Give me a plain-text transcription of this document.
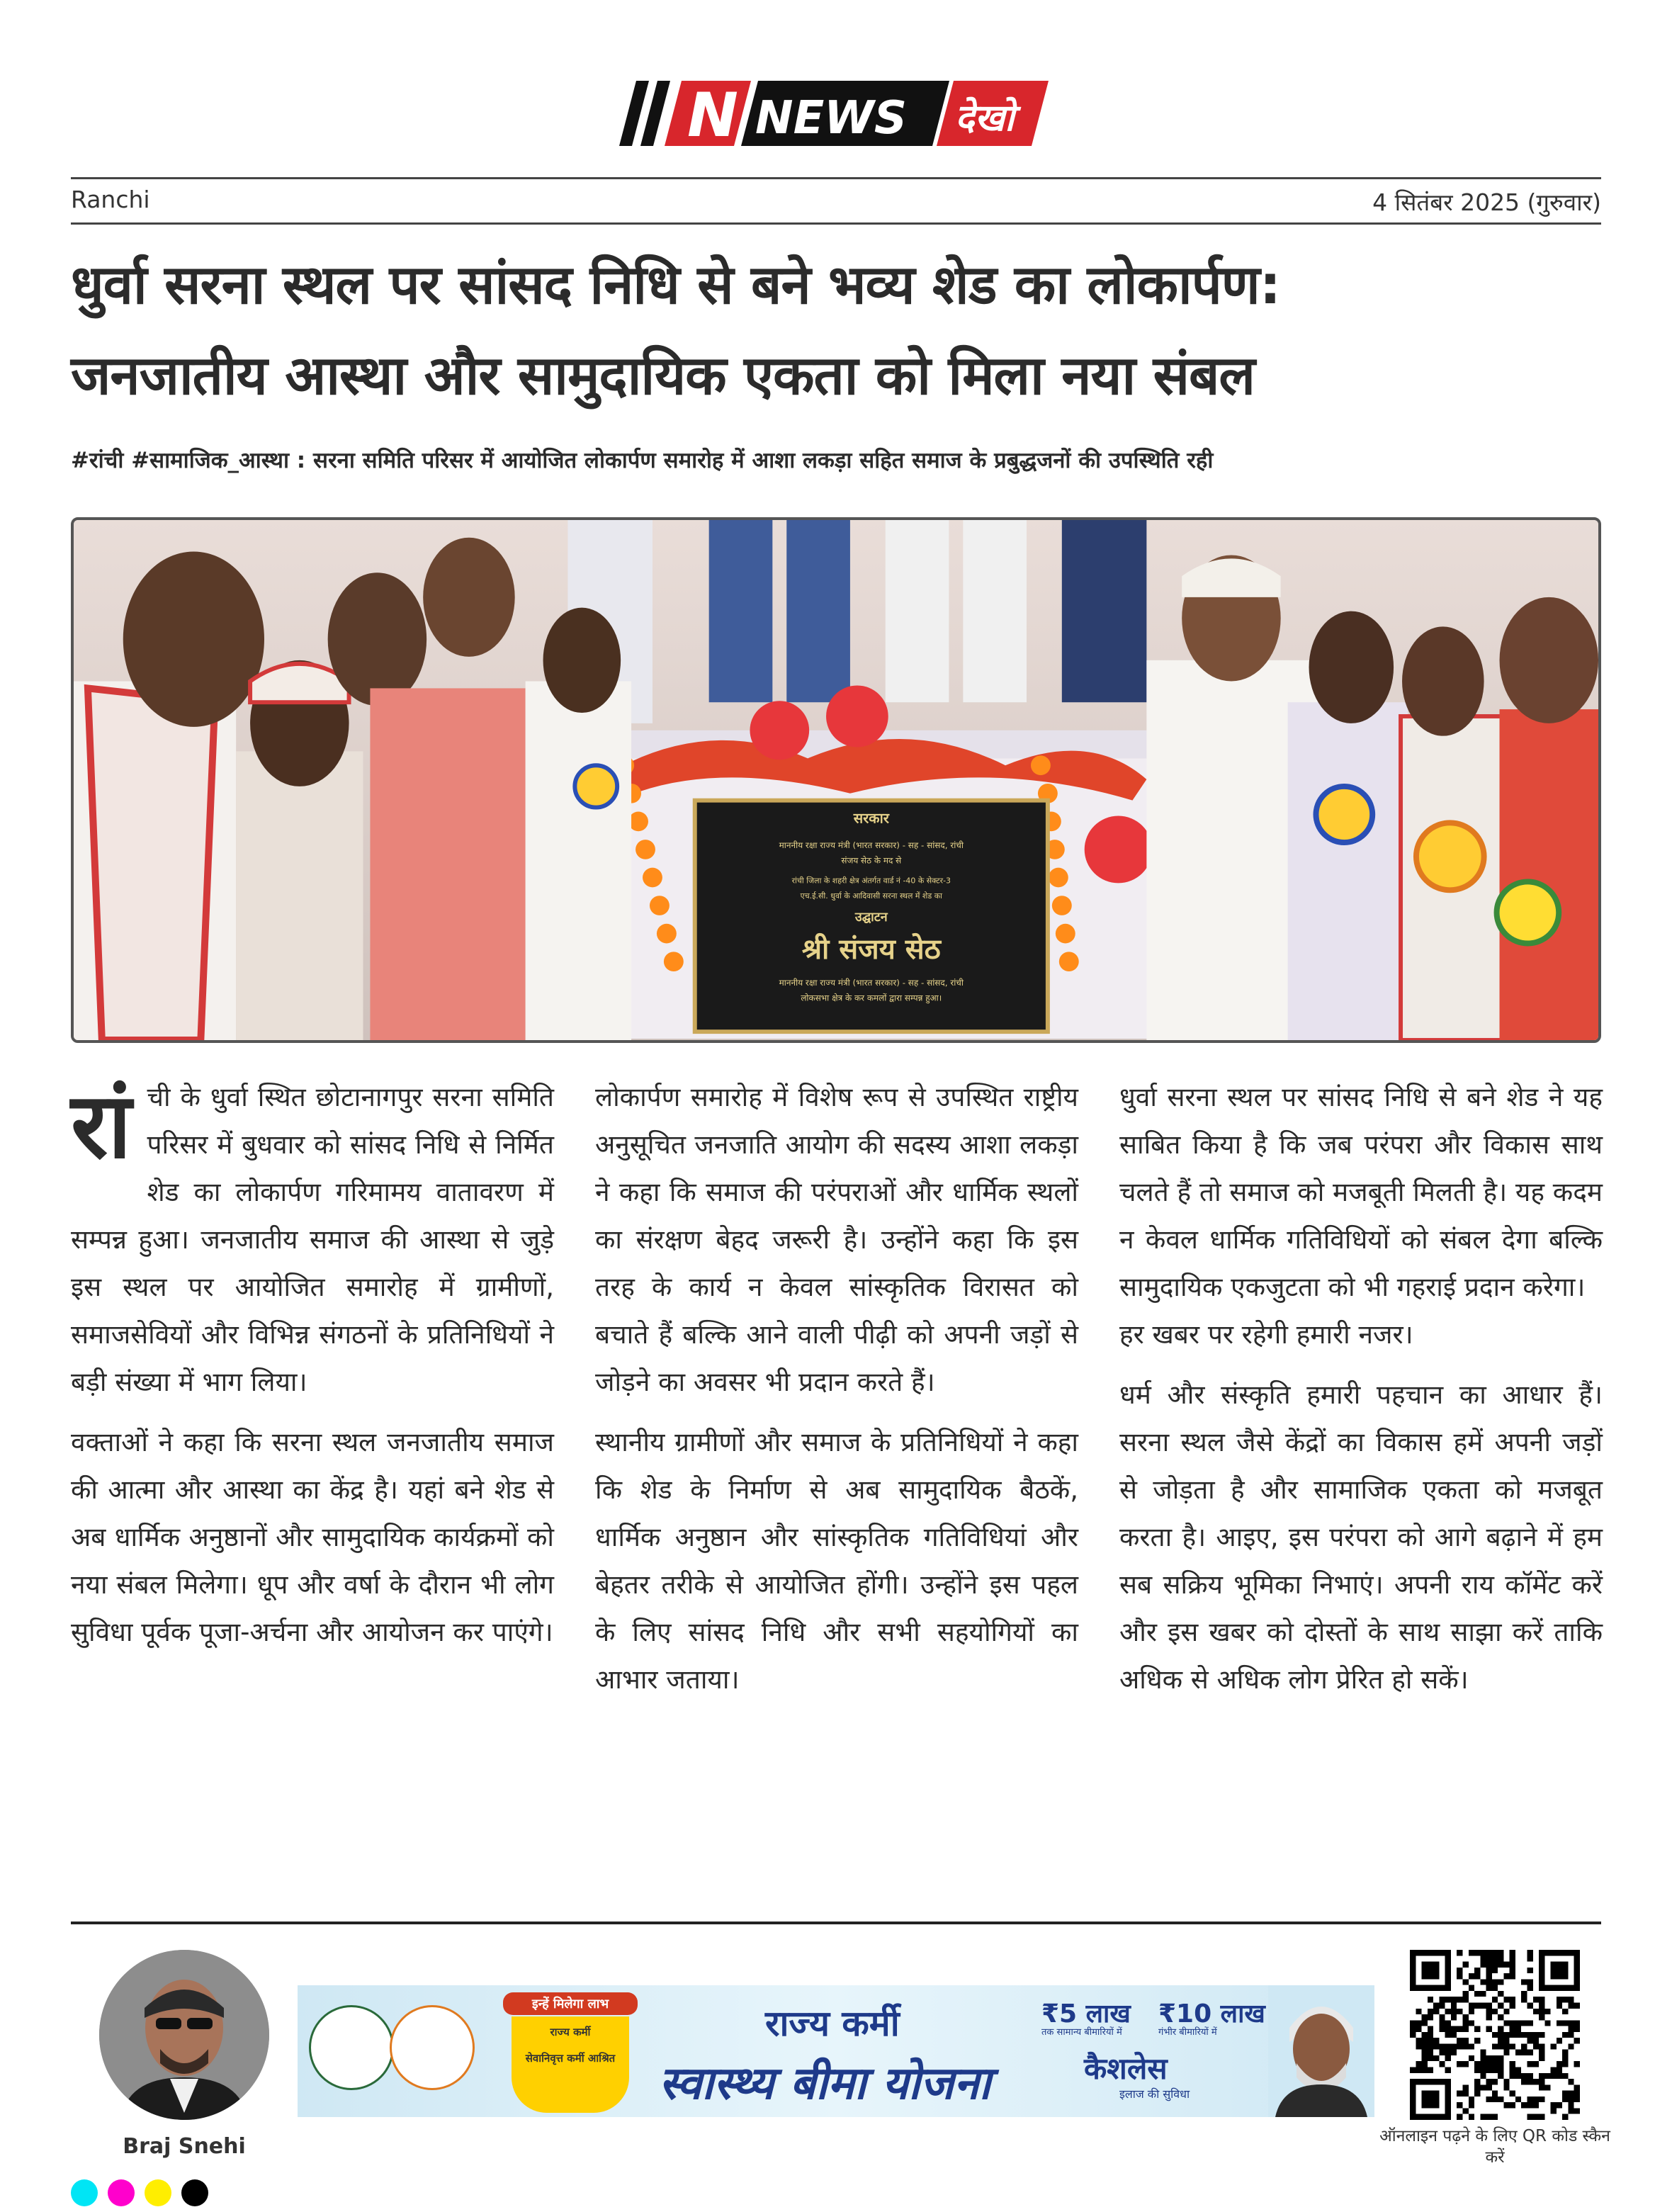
N NEWS देखो
Ranchi	4 सितंबर 2025 (गुरुवार)
धुर्वा सरना स्थल पर सांसद निधि से बने भव्य शेड का लोकार्पण:
जनजातीय आस्था और सामुदायिक एकता को मिला नया संबल
#रांची #सामाजिक_आस्था : सरना समिति परिसर में आयोजित लोकार्पण समारोह में आशा लकड़ा सहित समाज के प्रबुद्धजनों की उपस्थिति रही
सरकार
माननीय रक्षा राज्य मंत्री (भारत सरकार) - सह - सांसद, रांची
संजय सेठ के मद से
रांची जिला के शहरी क्षेत्र अंतर्गत वार्ड नं -40 के सेक्टर-3
एच.ई.सी. धुर्वा के आदिवासी सरना स्थल में शेड का
उद्घाटन
श्री संजय सेठ
माननीय रक्षा राज्य मंत्री (भारत सरकार) - सह - सांसद, रांची
लोकसभा क्षेत्र के कर कमलों द्वारा सम्पन्न हुआ।

रांची के धुर्वा स्थित छोटानागपुर सरना समिति परिसर में बुधवार को सांसद निधि से निर्मित शेड का लोकार्पण गरिमामय वातावरण में सम्पन्न हुआ। जनजातीय समाज की आस्था से जुड़े इस स्थल पर आयोजित समारोह में ग्रामीणों, समाजसेवियों और विभिन्न संगठनों के प्रतिनिधियों ने बड़ी संख्या में भाग लिया।

वक्ताओं ने कहा कि सरना स्थल जनजातीय समाज की आत्मा और आस्था का केंद्र है। यहां बने शेड से अब धार्मिक अनुष्ठानों और सामुदायिक कार्यक्रमों को नया संबल मिलेगा। धूप और वर्षा के दौरान भी लोग सुविधा पूर्वक पूजा-अर्चना और आयोजन कर पाएंगे।

लोकार्पण समारोह में विशेष रूप से उपस्थित राष्ट्रीय अनुसूचित जनजाति आयोग की सदस्य आशा लकड़ा ने कहा कि समाज की परंपराओं और धार्मिक स्थलों का संरक्षण बेहद जरूरी है। उन्होंने कहा कि इस तरह के कार्य न केवल सांस्कृतिक विरासत को बचाते हैं बल्कि आने वाली पीढ़ी को अपनी जड़ों से जोड़ने का अवसर भी प्रदान करते हैं।

स्थानीय ग्रामीणों और समाज के प्रतिनिधियों ने कहा कि शेड के निर्माण से अब सामुदायिक बैठकें, धार्मिक अनुष्ठान और सांस्कृतिक गतिविधियां और बेहतर तरीके से आयोजित होंगी। उन्होंने इस पहल के लिए सांसद निधि और सभी सहयोगियों का आभार जताया।

धुर्वा सरना स्थल पर सांसद निधि से बने शेड ने यह साबित किया है कि जब परंपरा और विकास साथ चलते हैं तो समाज को मजबूती मिलती है। यह कदम न केवल धार्मिक गतिविधियों को संबल देगा बल्कि सामुदायिक एकजुटता को भी गहराई प्रदान करेगा।

हर खबर पर रहेगी हमारी नजर।

धर्म और संस्कृति हमारी पहचान का आधार हैं। सरना स्थल जैसे केंद्रों का विकास हमें अपनी जड़ों से जोड़ता है और सामाजिक एकता को मजबूत करता है। आइए, इस परंपरा को आगे बढ़ाने में हम सब सक्रिय भूमिका निभाएं। अपनी राय कॉमेंट करें और इस खबर को दोस्तों के साथ साझा करें ताकि अधिक से अधिक लोग प्रेरित हो सकें।

Braj Snehi
इन्हें मिलेगा लाभ
राज्य कर्मी
सेवानिवृत्त कर्मी आश्रित
राज्य कर्मी
स्वास्थ्य बीमा योजना
₹5 लाख
तक सामान्य बीमारियों में
₹10 लाख
गंभीर बीमारियों में
कैशलेस
इलाज की सुविधा
ऑनलाइन पढ़ने के लिए QR कोड स्कैन करें
